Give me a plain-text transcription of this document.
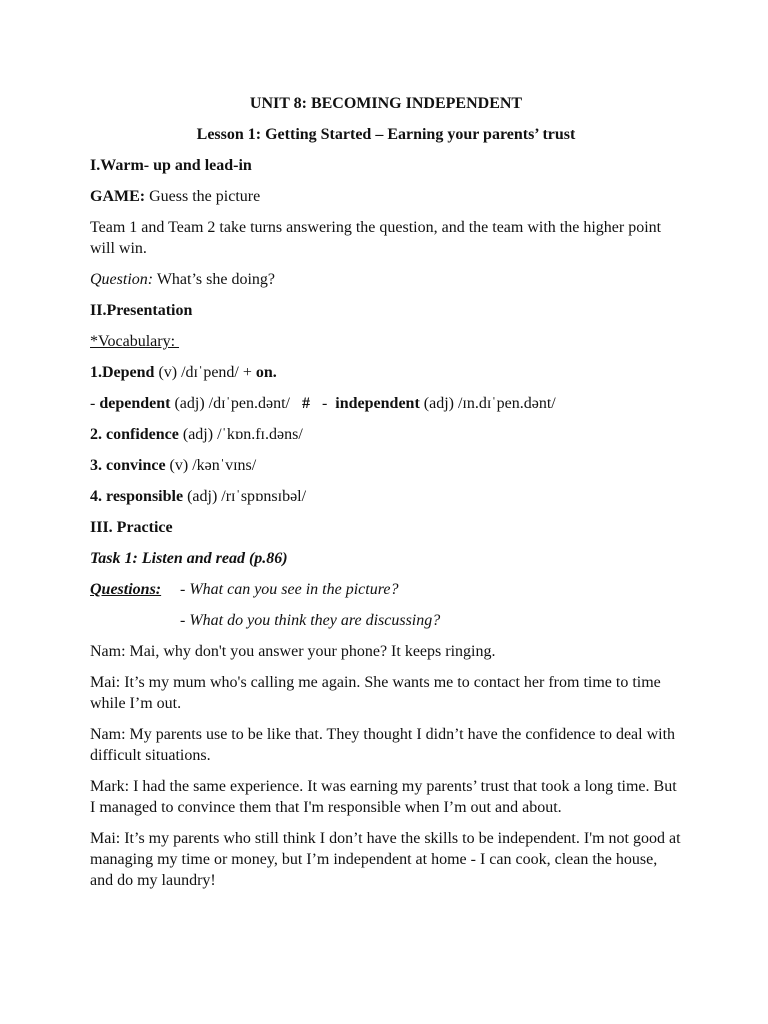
UNIT 8: BECOMING INDEPENDENT

Lesson 1: Getting Started – Earning your parents’ trust

I.Warm- up and lead-in

GAME: Guess the picture

Team 1 and Team 2 take turns answering the question, and the team with the higher point will win.

Question: What’s she doing?

II.Presentation

*Vocabulary:

1.Depend (v) /dɪˈpend/ + on.

- dependent (adj) /dɪˈpen.dənt/   #   -  independent (adj) /ɪn.dɪˈpen.dənt/

2. confidence (adj) /ˈkɒn.fɪ.dəns/

3. convince (v) /kənˈvɪns/

4. responsible (adj) /rɪˈspɒnsɪbəl/

III. Practice

Task 1: Listen and read (p.86)

Questions:	- What can you see in the picture?

- What do you think they are discussing?

Nam: Mai, why don't you answer your phone? It keeps ringing.

Mai: It’s my mum who's calling me again. She wants me to contact her from time to time while I’m out.

Nam: My parents use to be like that. They thought I didn’t have the confidence to deal with difficult situations.

Mark: I had the same experience. It was earning my parents’ trust that took a long time. But I managed to convince them that I'm responsible when I’m out and about.

Mai: It’s my parents who still think I don’t have the skills to be independent. I'm not good at managing my time or money, but I’m independent at home - I can cook, clean the house, and do my laundry!
